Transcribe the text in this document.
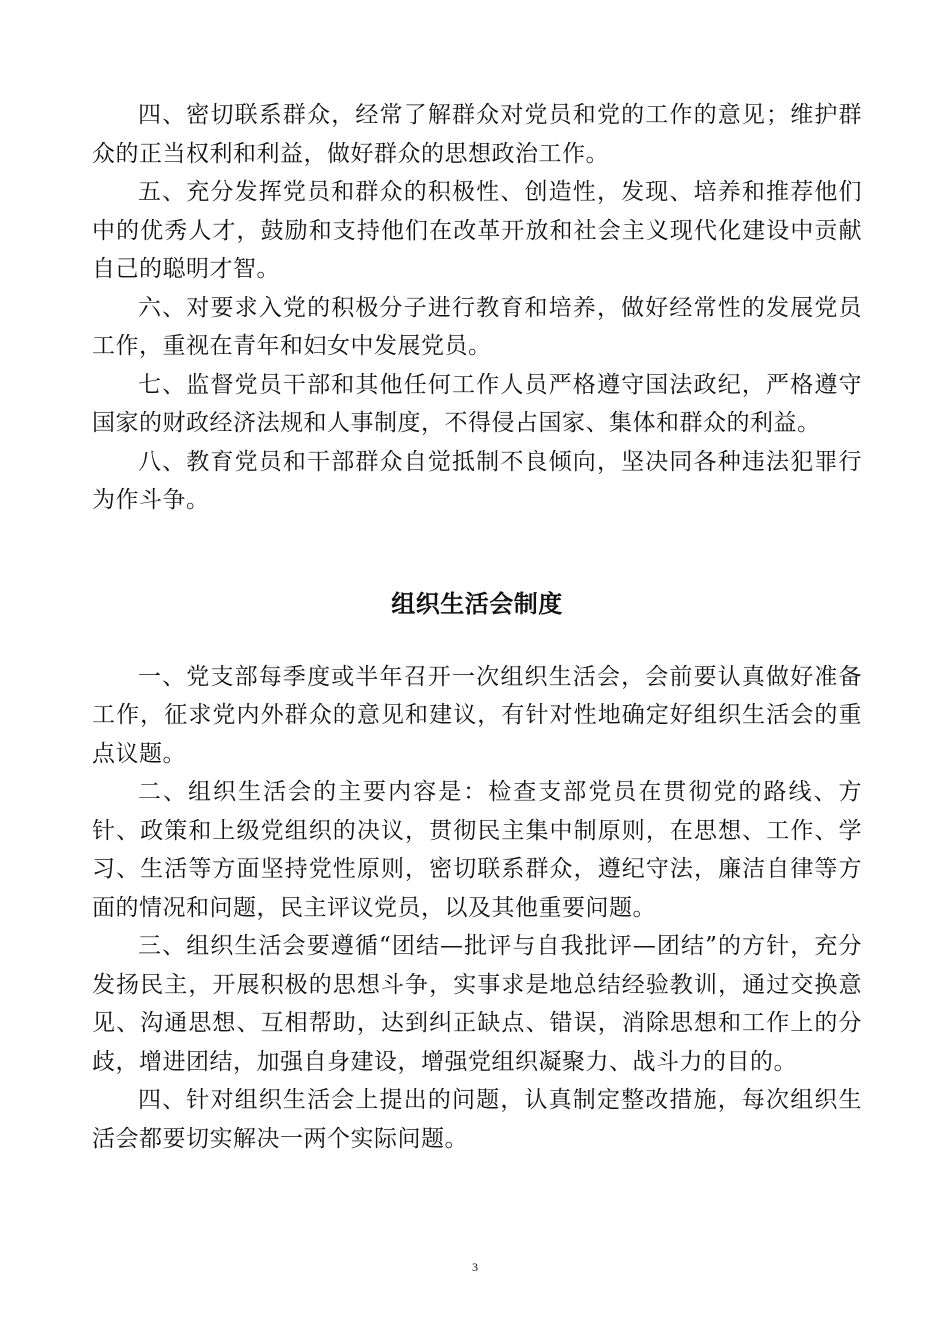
四、密切联系群众，经常了解群众对党员和党的工作的意见；维护群众的正当权利和利益，做好群众的思想政治工作。

五、充分发挥党员和群众的积极性、创造性，发现、培养和推荐他们中的优秀人才，鼓励和支持他们在改革开放和社会主义现代化建设中贡献自己的聪明才智。

六、对要求入党的积极分子进行教育和培养，做好经常性的发展党员工作，重视在青年和妇女中发展党员。

七、监督党员干部和其他任何工作人员严格遵守国法政纪，严格遵守国家的财政经济法规和人事制度，不得侵占国家、集体和群众的利益。

八、教育党员和干部群众自觉抵制不良倾向，坚决同各种违法犯罪行为作斗争。

组织生活会制度

一、党支部每季度或半年召开一次组织生活会，会前要认真做好准备工作，征求党内外群众的意见和建议，有针对性地确定好组织生活会的重点议题。

二、组织生活会的主要内容是：检查支部党员在贯彻党的路线、方针、政策和上级党组织的决议，贯彻民主集中制原则，在思想、工作、学习、生活等方面坚持党性原则，密切联系群众，遵纪守法，廉洁自律等方面的情况和问题，民主评议党员，以及其他重要问题。

三、组织生活会要遵循“团结—批评与自我批评—团结”的方针，充分发扬民主，开展积极的思想斗争，实事求是地总结经验教训，通过交换意见、沟通思想、互相帮助，达到纠正缺点、错误，消除思想和工作上的分歧，增进团结，加强自身建设，增强党组织凝聚力、战斗力的目的。

四、针对组织生活会上提出的问题，认真制定整改措施，每次组织生活会都要切实解决一两个实际问题。

3
